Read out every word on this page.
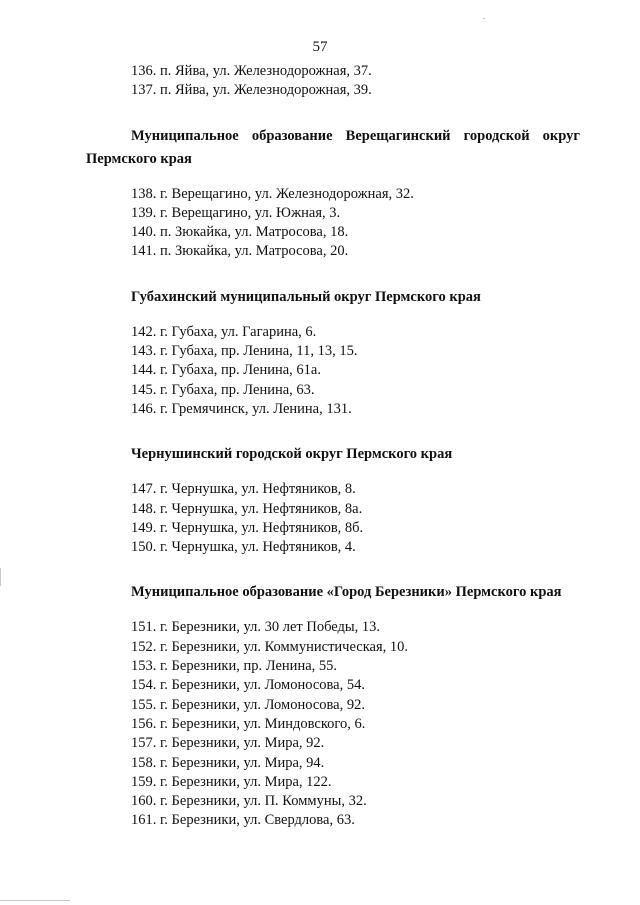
57
136. п. Яйва, ул. Железнодорожная, 37.
137. п. Яйва, ул. Железнодорожная, 39.
Муниципальное образование Верещагинский городской округ Пермского края
138. г. Верещагино, ул. Железнодорожная, 32.
139. г. Верещагино, ул. Южная, 3.
140. п. Зюкайка, ул. Матросова, 18.
141. п. Зюкайка, ул. Матросова, 20.
Губахинский муниципальный округ Пермского края
142. г. Губаха, ул. Гагарина, 6.
143. г. Губаха, пр. Ленина, 11, 13, 15.
144. г. Губаха, пр. Ленина, 61а.
145. г. Губаха, пр. Ленина, 63.
146. г. Гремячинск, ул. Ленина, 131.
Чернушинский городской округ Пермского края
147. г. Чернушка, ул. Нефтяников, 8.
148. г. Чернушка, ул. Нефтяников, 8а.
149. г. Чернушка, ул. Нефтяников, 8б.
150. г. Чернушка, ул. Нефтяников, 4.
Муниципальное образование «Город Березники» Пермского края
151. г. Березники, ул. 30 лет Победы, 13.
152. г. Березники, ул. Коммунистическая, 10.
153. г. Березники, пр. Ленина, 55.
154. г. Березники, ул. Ломоносова, 54.
155. г. Березники, ул. Ломоносова, 92.
156. г. Березники, ул. Миндовского, 6.
157. г. Березники, ул. Мира, 92.
158. г. Березники, ул. Мира, 94.
159. г. Березники, ул. Мира, 122.
160. г. Березники, ул. П. Коммуны, 32.
161. г. Березники, ул. Свердлова, 63.
